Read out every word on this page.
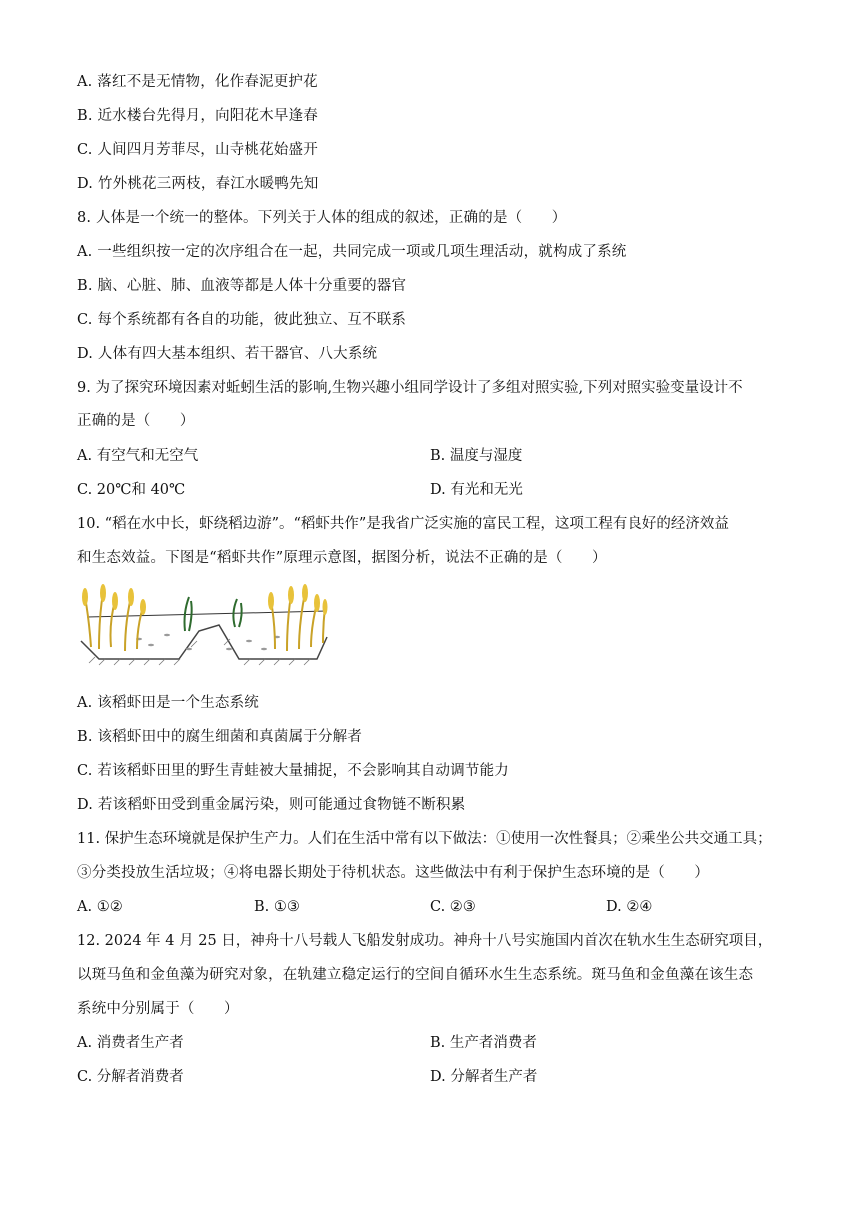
A. 落红不是无情物，化作春泥更护花
B. 近水楼台先得月，向阳花木早逢春
C. 人间四月芳菲尽，山寺桃花始盛开
D. 竹外桃花三两枝，春江水暖鸭先知
8. 人体是一个统一的整体。下列关于人体的组成的叙述，正确的是（　　）
A. 一些组织按一定的次序组合在一起，共同完成一项或几项生理活动，就构成了系统
B. 脑、心脏、肺、血液等都是人体十分重要的器官
C. 每个系统都有各自的功能，彼此独立、互不联系
D. 人体有四大基本组织、若干器官、八大系统
9. 为了探究环境因素对蚯蚓生活的影响,生物兴趣小组同学设计了多组对照实验,下列对照实验变量设计不
正确的是（　　）
A. 有空气和无空气	B. 温度与湿度
C. 20℃和 40℃	D. 有光和无光
10. “稻在水中长，虾绕稻边游”。“稻虾共作”是我省广泛实施的富民工程，这项工程有良好的经济效益
和生态效益。下图是“稻虾共作”原理示意图，据图分析，说法不正确的是（　　）
A. 该稻虾田是一个生态系统
B. 该稻虾田中的腐生细菌和真菌属于分解者
C. 若该稻虾田里的野生青蛙被大量捕捉，不会影响其自动调节能力
D. 若该稻虾田受到重金属污染，则可能通过食物链不断积累
11. 保护生态环境就是保护生产力。人们在生活中常有以下做法：①使用一次性餐具；②乘坐公共交通工具；
③分类投放生活垃圾；④将电器长期处于待机状态。这些做法中有利于保护生态环境的是（　　）
A. ①②	B. ①③	C. ②③	D. ②④
12. 2024 年 4 月 25 日，神舟十八号载人飞船发射成功。神舟十八号实施国内首次在轨水生生态研究项目，
以斑马鱼和金鱼藻为研究对象，在轨建立稳定运行的空间自循环水生生态系统。斑马鱼和金鱼藻在该生态
系统中分别属于（　　）
A. 消费者生产者	B. 生产者消费者
C. 分解者消费者	D. 分解者生产者
